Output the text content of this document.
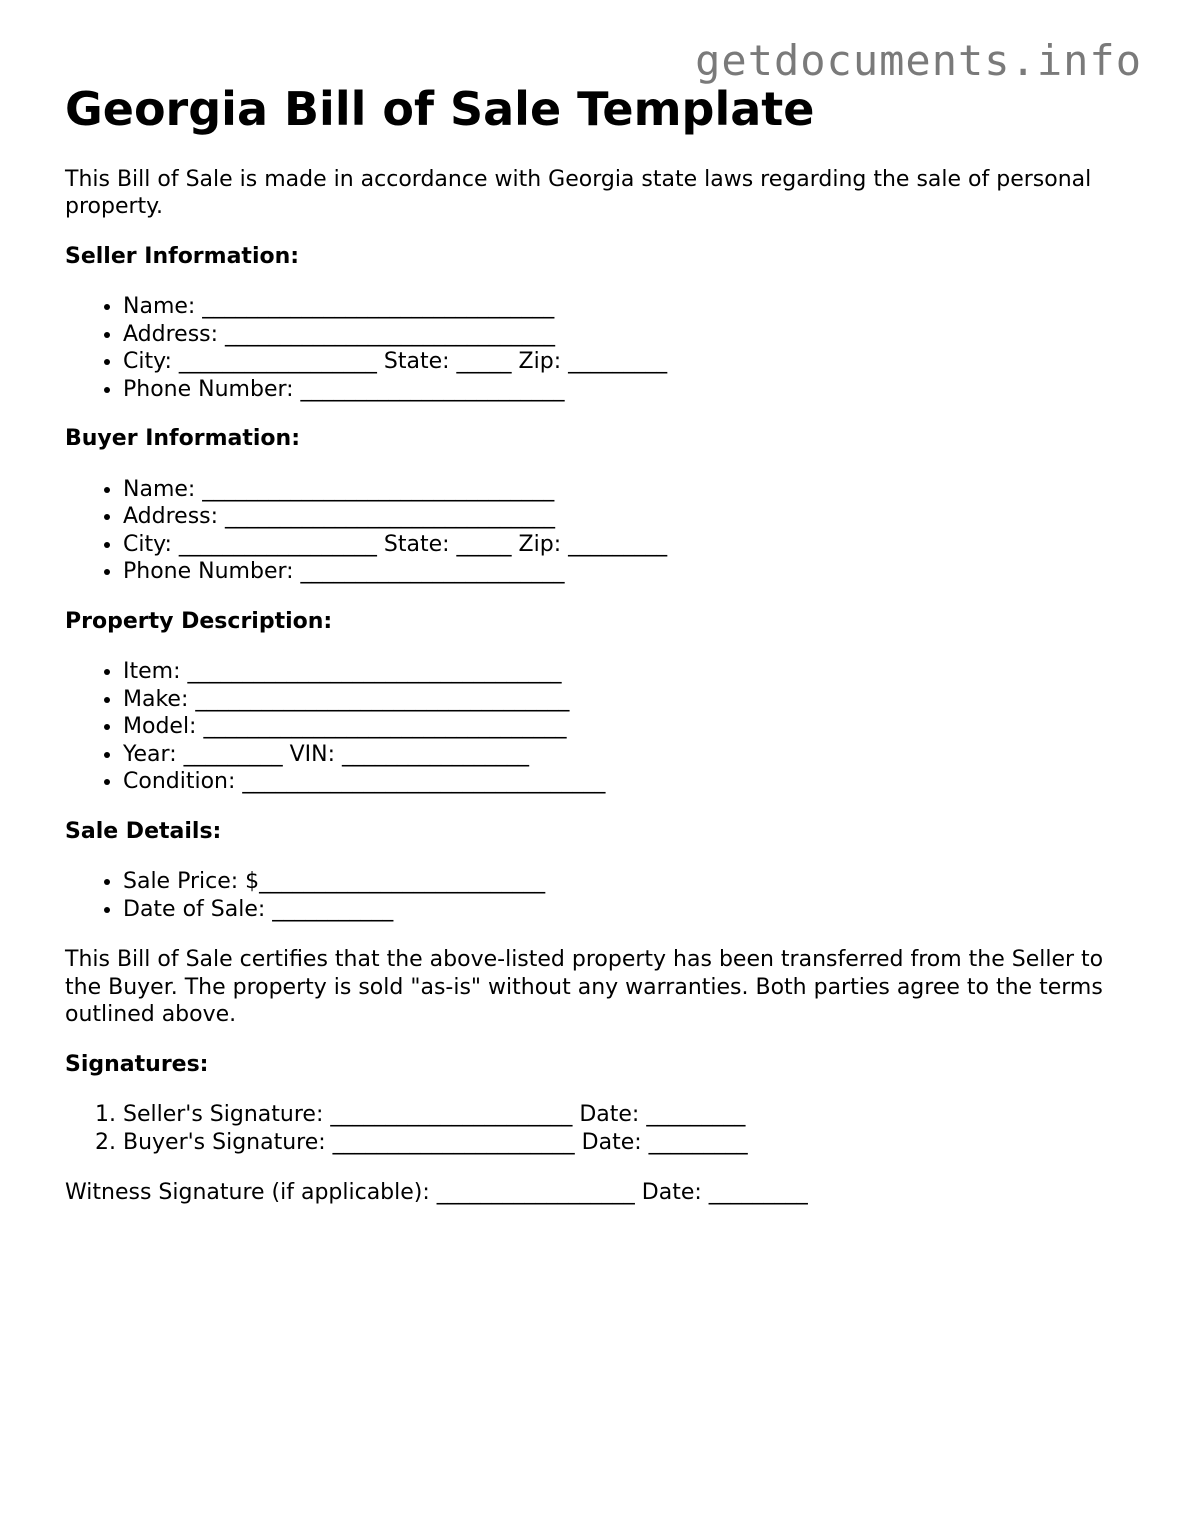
getdocuments.info
Georgia Bill of Sale Template

This Bill of Sale is made in accordance with Georgia state laws regarding the sale of personal property.

Seller Information:
• Name: ________________________________
• Address: ______________________________
• City: __________________ State: _____ Zip: _________
• Phone Number: ________________________
Buyer Information:
• Name: ________________________________
• Address: ______________________________
• City: __________________ State: _____ Zip: _________
• Phone Number: ________________________
Property Description:
• Item: __________________________________
• Make: __________________________________
• Model: _________________________________
• Year: _________ VIN: _________________
• Condition: _________________________________
Sale Details:
• Sale Price: $__________________________
• Date of Sale: ___________

This Bill of Sale certifies that the above-listed property has been transferred from the Seller to the Buyer. The property is sold "as-is" without any warranties. Both parties agree to the terms outlined above.

Signatures:
1. Seller's Signature: ______________________ Date: _________
2. Buyer's Signature: ______________________ Date: _________

Witness Signature (if applicable): __________________ Date: _________
